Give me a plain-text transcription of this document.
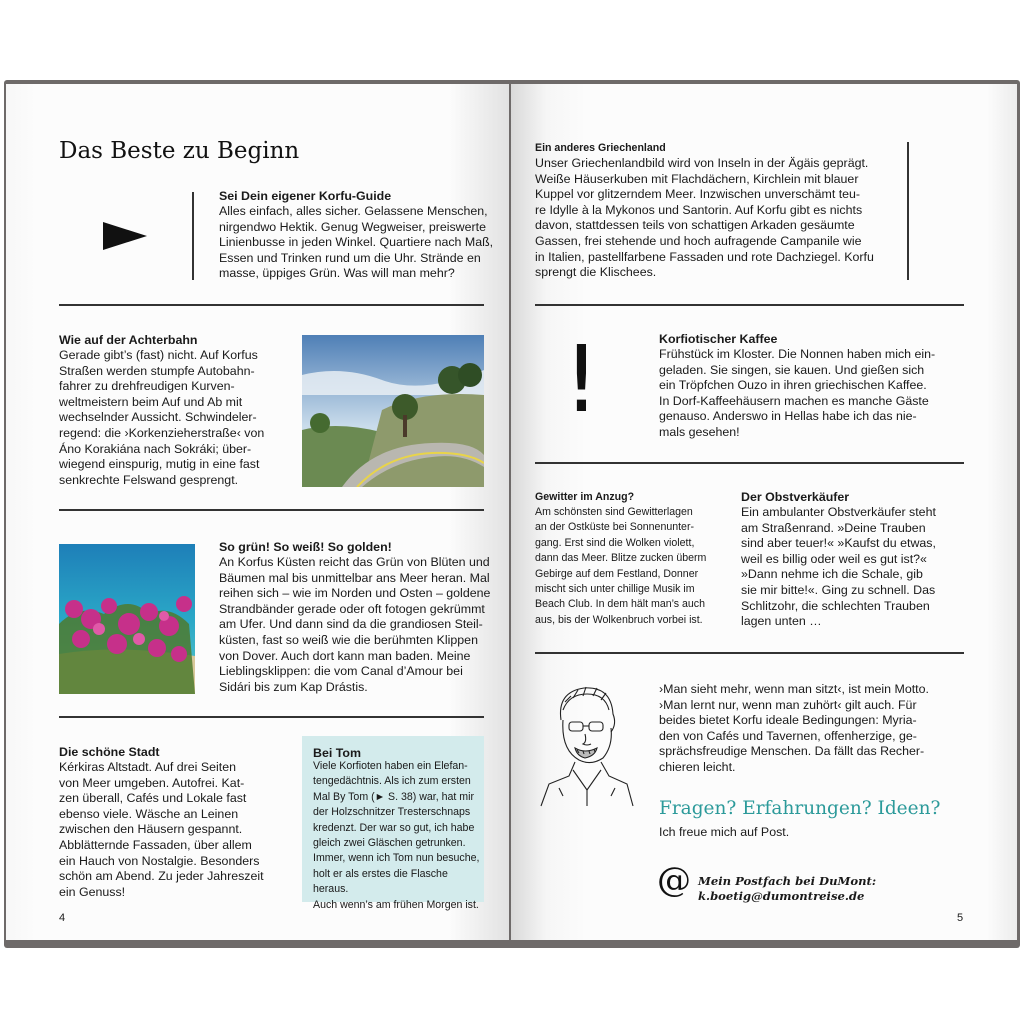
Das Beste zu Beginn
Sei Dein eigener Korfu-Guide
Alles einfach, alles sicher. Gelassene Menschen,
nirgendwo Hektik. Genug Wegweiser, preiswerte
Linienbusse in jeden Winkel. Quartiere nach Maß,
Essen und Trinken rund um die Uhr. Strände en
masse, üppiges Grün. Was will man mehr?
Wie auf der Achterbahn
Gerade gibt’s (fast) nicht. Auf Korfus
Straßen werden stumpfe Autobahn-
fahrer zu drehfreudigen Kurven-
weltmeistern beim Auf und Ab mit
wechselnder Aussicht. Schwindeler-
regend: die ›Korkenzieherstraße‹ von
Áno Korakiána nach Sokráki; über-
wiegend einspurig, mutig in eine fast
senkrechte Felswand gesprengt.
So grün! So weiß! So golden!
An Korfus Küsten reicht das Grün von Blüten und
Bäumen mal bis unmittelbar ans Meer heran. Mal
reihen sich – wie im Norden und Osten – goldene
Strandbänder gerade oder oft fotogen gekrümmt
am Ufer. Und dann sind da die grandiosen Steil-
küsten, fast so weiß wie die berühmten Klippen
von Dover. Auch dort kann man baden. Meine
Lieblingsklippen: die vom Canal d’Amour bei
Sidári bis zum Kap Drástis.
Die schöne Stadt
Kérkiras Altstadt. Auf drei Seiten
von Meer umgeben. Autofrei. Kat-
zen überall, Cafés und Lokale fast
ebenso viele. Wäsche an Leinen
zwischen den Häusern gespannt.
Abblätternde Fassaden, über allem
ein Hauch von Nostalgie. Besonders
schön am Abend. Zu jeder Jahreszeit
ein Genuss!
Bei Tom
Viele Korfioten haben ein Elefan-
tengedächtnis. Als ich zum ersten
Mal By Tom (► S. 38) war, hat mir
der Holzschnitzer Tresterschnaps
kredenzt. Der war so gut, ich habe
gleich zwei Gläschen getrunken.
Immer, wenn ich Tom nun besuche,
holt er als erstes die Flasche heraus.
Auch wenn’s am frühen Morgen ist.
4
Ein anderes Griechenland
Unser Griechenlandbild wird von Inseln in der Ägäis geprägt.
Weiße Häuserkuben mit Flachdächern, Kirchlein mit blauer
Kuppel vor glitzerndem Meer. Inzwischen unverschämt teu-
re Idylle à la Mykonos und Santorin. Auf Korfu gibt es nichts
davon, stattdessen teils von schattigen Arkaden gesäumte
Gassen, frei stehende und hoch aufragende Campanile wie
in Italien, pastellfarbene Fassaden und rote Dachziegel. Korfu
sprengt die Klischees.
!	Korfiotischer Kaffee
Frühstück im Kloster. Die Nonnen haben mich ein-
geladen. Sie singen, sie kauen. Und gießen sich
ein Tröpfchen Ouzo in ihren griechischen Kaffee.
In Dorf-Kaffeehäusern machen es manche Gäste
genauso. Anderswo in Hellas habe ich das nie-
mals gesehen!
Gewitter im Anzug?
Am schönsten sind Gewitterlagen
an der Ostküste bei Sonnenunter-
gang. Erst sind die Wolken violett,
dann das Meer. Blitze zucken überm
Gebirge auf dem Festland, Donner
mischt sich unter chillige Musik im
Beach Club. In dem hält man’s auch
aus, bis der Wolkenbruch vorbei ist.
Der Obstverkäufer
Ein ambulanter Obstverkäufer steht
am Straßenrand. »Deine Trauben
sind aber teuer!« »Kaufst du etwas,
weil es billig oder weil es gut ist?«
»Dann nehme ich die Schale, gib
sie mir bitte!«. Ging zu schnell. Das
Schlitzohr, die schlechten Trauben
lagen unten …
›Man sieht mehr, wenn man sitzt‹, ist mein Motto.
›Man lernt nur, wenn man zuhört‹ gilt auch. Für
beides bietet Korfu ideale Bedingungen: Myria-
den von Cafés und Tavernen, offenherzige, ge-
sprächsfreudige Menschen. Da fällt das Recher-
chieren leicht.
Fragen? Erfahrungen? Ideen?
Ich freue mich auf Post.
@ Mein Postfach bei DuMont:
k.boetig@dumontreise.de
5
